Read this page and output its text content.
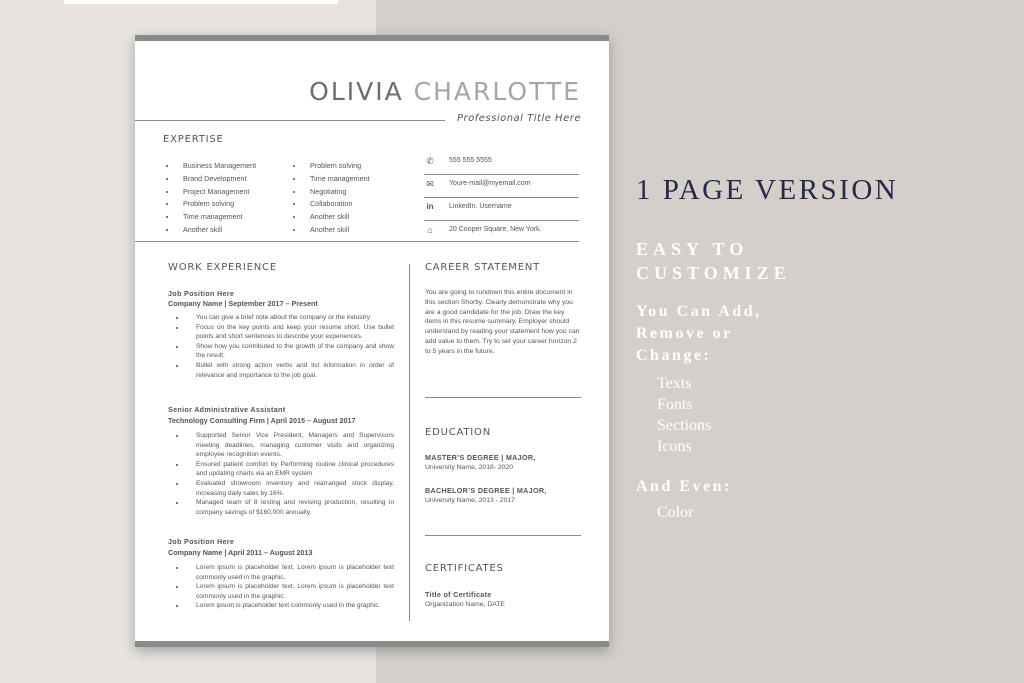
OLIVIA CHARLOTTE
Professional Title Here
EXPERTISE
• Business Management
• Brand Development
• Project Management
• Problem solving
• Time management
• Another skill
• Problem solving
• Time management
• Negotiating
• Collaboration
• Another skill
• Another skill
✆	555 555 5555
✉	Youre-mail@myemail.com
in	LinkedIn. Username
⌂	20 Cooper Square, New York.
WORK EXPERIENCE
Job Position Here
Company Name | September 2017 – Present
• You can give a brief note about the company or the industry.
• Focus on the key points and keep your resume short. Use bullet points and short sentences to describe your experiences.
• Show how you contributed to the growth of the company and show the result.
• Bullet with strong action verbs and list information in order of relevance and importance to the job goal.
Senior Administrative Assistant
Technology Consulting Firm | April 2015 – August 2017
• Supported Senior Vice President, Managers and Supervisors meeting deadlines, managing customer visits and organizing employee recognition events.
• Ensured patient comfort by Performing routine clinical procedures and updating charts via an EMR system
• Evaluated showroom inventory and rearranged stock display, increasing daily sales by 16%.
• Managed team of 8 testing and revising production, resulting in company savings of $160,000 annually.
Job Position Here
Company Name | April 2011 – August 2013
• Lorem ipsum is placeholder text. Lorem ipsum is placeholder text commonly used in the graphic.
• Lorem ipsum is placeholder text. Lorem ipsum is placeholder text commonly used in the graphic.
• Lorem ipsum is placeholder text commonly used in the graphic.
CAREER STATEMENT
You are going to rundown this entire document in this section Shortly. Clearly demonstrate why you are a good candidate for the job. Draw the key items in this resume summary. Employer should understand by reading your statement how you can add value to them. Try to set your career horizon 2 to 5 years in the future.
EDUCATION
MASTER’S DEGREE | MAJOR,
University Name, 2018- 2020
BACHELOR’S DEGREE | MAJOR,
University Name, 2013 - 2017
CERTIFICATES
Title of Certificate
Organization Name, DATE
1 PAGE VERSION
EASY TO
CUSTOMIZE
You Can Add,
Remove or
Change:
Texts
Fonts
Sections
Icons
And Even:
Color
